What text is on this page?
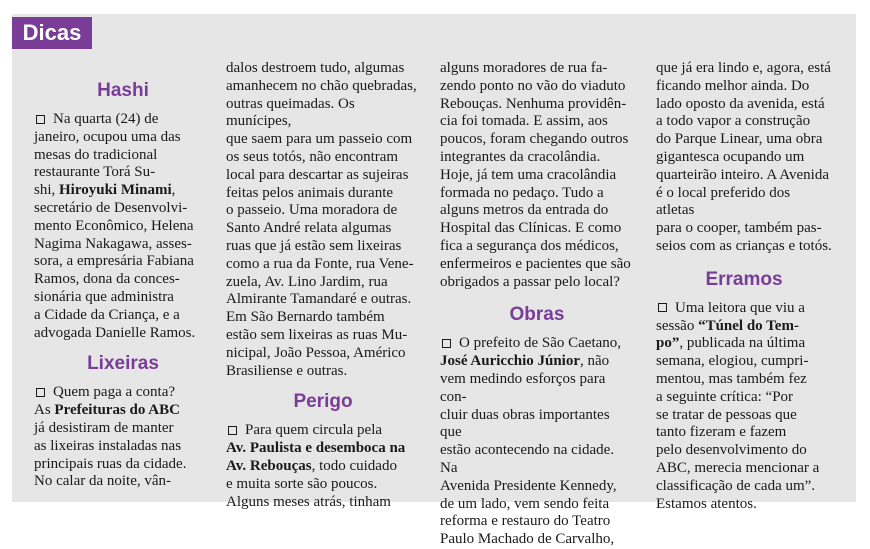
Dicas

Hashi

Na quarta (24) de
janeiro, ocupou uma das
mesas do tradicional
restaurante Torá Su-
shi, Hiroyuki Minami,
secretário de Desenvolvi-
mento Econômico, Helena
Nagima Nakagawa, asses-
sora, a empresária Fabiana
Ramos, dona da conces-
sionária que administra
a Cidade da Criança, e a
advogada Danielle Ramos.

Lixeiras

Quem paga a conta?
As Prefeituras do ABC
já desistiram de manter
as lixeiras instaladas nas
principais ruas da cidade.
No calar da noite, vân-

dalos destroem tudo, algumas
amanhecem no chão quebradas,
outras queimadas. Os munícipes,
que saem para um passeio com
os seus totós, não encontram
local para descartar as sujeiras
feitas pelos animais durante
o passeio. Uma moradora de
Santo André relata algumas
ruas que já estão sem lixeiras
como a rua da Fonte, rua Vene-
zuela, Av. Lino Jardim, rua
Almirante Tamandaré e outras.
Em São Bernardo também
estão sem lixeiras as ruas Mu-
nicipal, João Pessoa, Américo
Brasiliense e outras.

Perigo

Para quem circula pela
Av. Paulista e desemboca na
Av. Rebouças, todo cuidado
e muita sorte são poucos.
Alguns meses atrás, tinham

alguns moradores de rua fa-
zendo ponto no vão do viaduto
Rebouças. Nenhuma providên-
cia foi tomada. E assim, aos
poucos, foram chegando outros
integrantes da cracolândia.
Hoje, já tem uma cracolândia
formada no pedaço. Tudo a
alguns metros da entrada do
Hospital das Clínicas. E como
fica a segurança dos médicos,
enfermeiros e pacientes que são
obrigados a passar pelo local?

Obras

O prefeito de São Caetano,
José Auricchio Júnior, não
vem medindo esforços para con-
cluir duas obras importantes que
estão acontecendo na cidade. Na
Avenida Presidente Kennedy,
de um lado, vem sendo feita
reforma e restauro do Teatro
Paulo Machado de Carvalho,

que já era lindo e, agora, está
ficando melhor ainda. Do
lado oposto da avenida, está
a todo vapor a construção
do Parque Linear, uma obra
gigantesca ocupando um
quarteirão inteiro. A Avenida
é o local preferido dos atletas
para o cooper, também pas-
seios com as crianças e totós.

Erramos

Uma leitora que viu a
sessão “Túnel do Tem-
po”, publicada na última
semana, elogiou, cumpri-
mentou, mas também fez
a seguinte crítica: “Por
se tratar de pessoas que
tanto fizeram e fazem
pelo desenvolvimento do
ABC, merecia mencionar a
classificação de cada um”.
Estamos atentos.
